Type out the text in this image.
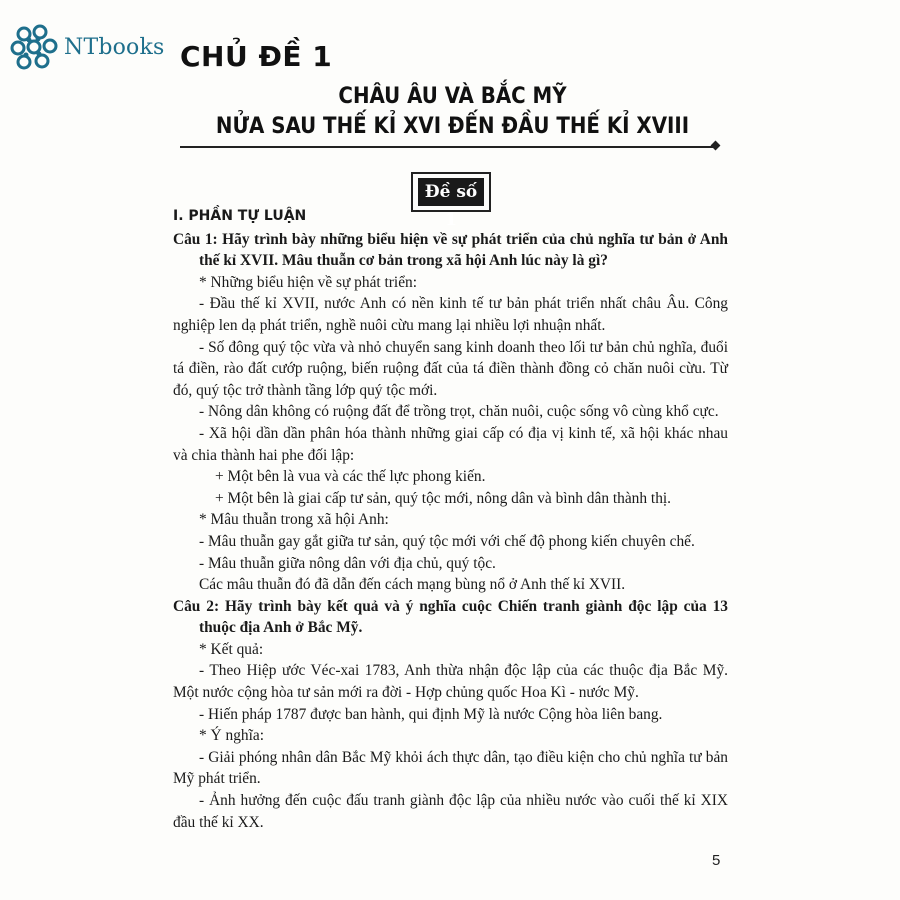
NTbooks CHỦ ĐỀ 1
CHÂU ÂU VÀ BẮC MỸ
NỬA SAU THẾ KỈ XVI ĐẾN ĐẦU THẾ KỈ XVIII
Đề số 1
I. PHẦN TỰ LUẬN
Câu 1: Hãy trình bày những biểu hiện về sự phát triển của chủ nghĩa tư bản ở Anh thế kỉ XVII. Mâu thuẫn cơ bản trong xã hội Anh lúc này là gì?
* Những biểu hiện về sự phát triển:
- Đầu thế kỉ XVII, nước Anh có nền kinh tế tư bản phát triển nhất châu Âu. Công nghiệp len dạ phát triển, nghề nuôi cừu mang lại nhiều lợi nhuận nhất.
- Số đông quý tộc vừa và nhỏ chuyển sang kinh doanh theo lối tư bản chủ nghĩa, đuổi tá điền, rào đất cướp ruộng, biến ruộng đất của tá điền thành đồng cỏ chăn nuôi cừu. Từ đó, quý tộc trở thành tầng lớp quý tộc mới.
- Nông dân không có ruộng đất để trồng trọt, chăn nuôi, cuộc sống vô cùng khổ cực.
- Xã hội dần dần phân hóa thành những giai cấp có địa vị kinh tế, xã hội khác nhau và chia thành hai phe đối lập:
+ Một bên là vua và các thế lực phong kiến.
+ Một bên là giai cấp tư sản, quý tộc mới, nông dân và bình dân thành thị.
* Mâu thuẫn trong xã hội Anh:
- Mâu thuẫn gay gắt giữa tư sản, quý tộc mới với chế độ phong kiến chuyên chế.
- Mâu thuẫn giữa nông dân với địa chủ, quý tộc.
Các mâu thuẫn đó đã dẫn đến cách mạng bùng nổ ở Anh thế kỉ XVII.
Câu 2: Hãy trình bày kết quả và ý nghĩa cuộc Chiến tranh giành độc lập của 13 thuộc địa Anh ở Bắc Mỹ.
* Kết quả:
- Theo Hiệp ước Véc-xai 1783, Anh thừa nhận độc lập của các thuộc địa Bắc Mỹ. Một nước cộng hòa tư sản mới ra đời - Hợp chủng quốc Hoa Kì - nước Mỹ.
- Hiến pháp 1787 được ban hành, qui định Mỹ là nước Cộng hòa liên bang.
* Ý nghĩa:
- Giải phóng nhân dân Bắc Mỹ khỏi ách thực dân, tạo điều kiện cho chủ nghĩa tư bản Mỹ phát triển.
- Ảnh hưởng đến cuộc đấu tranh giành độc lập của nhiều nước vào cuối thế kỉ XIX đầu thế kỉ XX.
5
